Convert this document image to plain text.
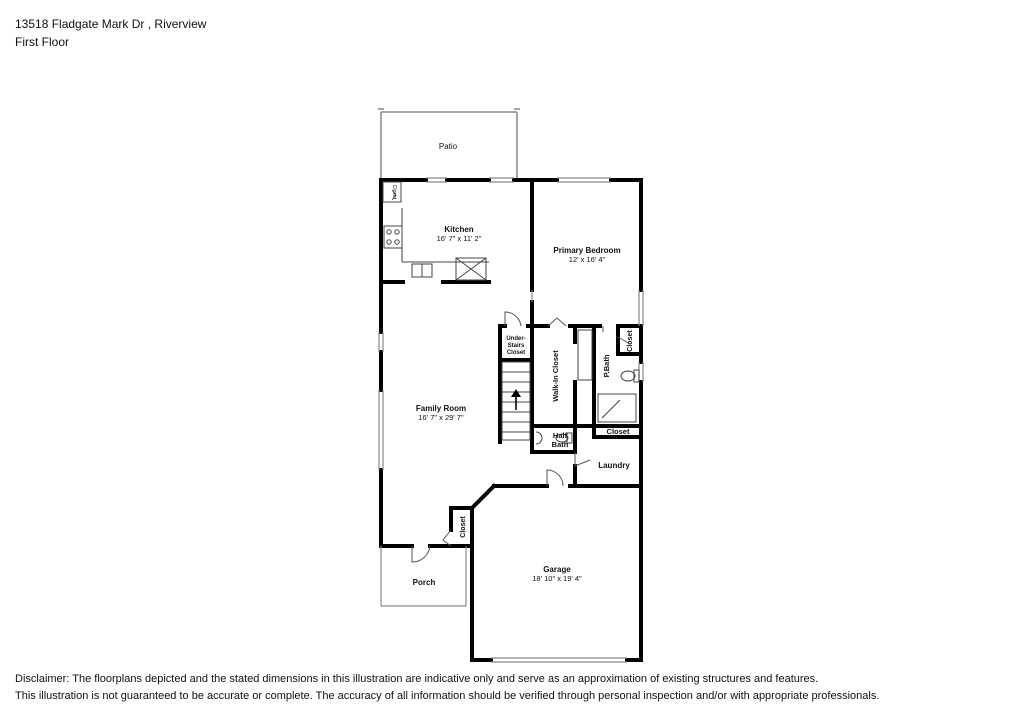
13518 Fladgate Mark Dr , Riverview
First Floor
Patio
Closet
Kitchen
16' 7" x 11' 2"
Primary Bedroom
12' x 16' 4"
Under-
Stairs
Closet	Walk-In Closet	P.Bath
Closet
Family Room
16' 7" x 29' 7"
Half
Bath
Closet
Laundry
Closet
Porch
Garage
18' 10" x 19' 4"
Disclaimer: The floorplans depicted and the stated dimensions in this illustration are indicative only and serve as an approximation of existing structures and features.
This illustration is not guaranteed to be accurate or complete. The accuracy of all information should be verified through personal inspection and/or with appropriate professionals.
